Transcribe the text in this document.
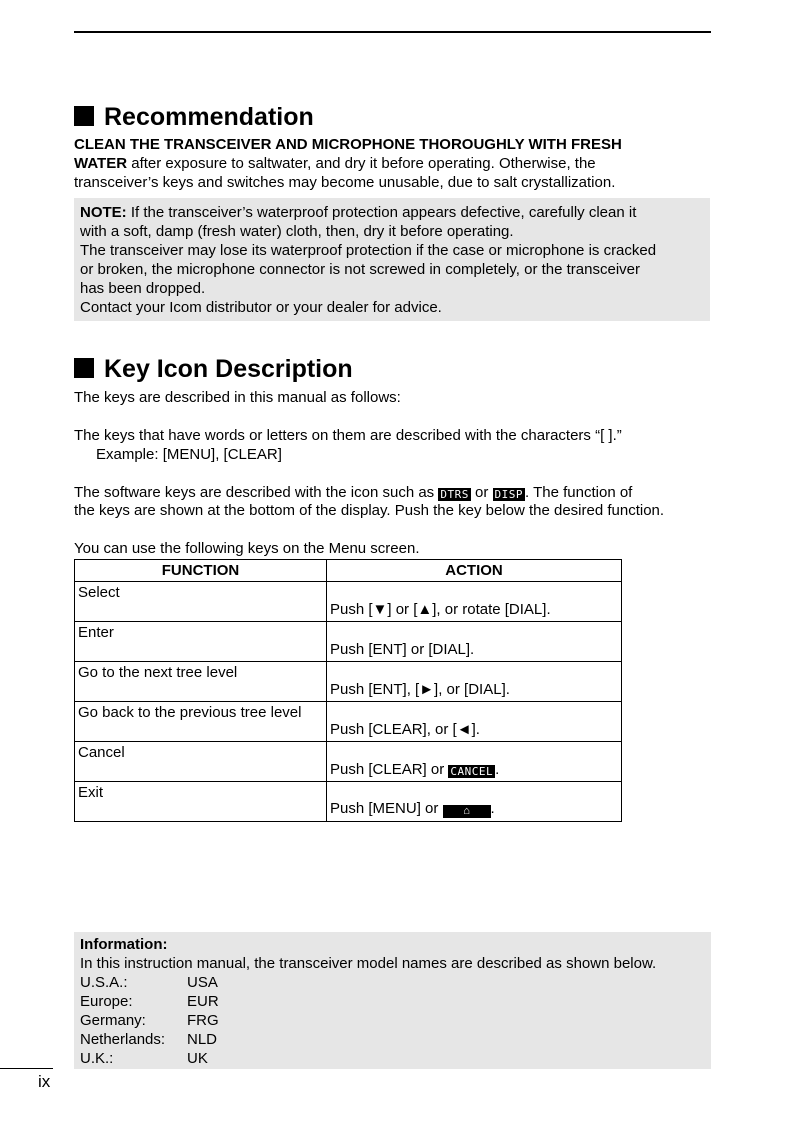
Recommendation
CLEAN THE TRANSCEIVER AND MICROPHONE THOROUGHLY WITH FRESH
WATER after exposure to saltwater, and dry it before operating. Otherwise, the
transceiver’s keys and switches may become unusable, due to salt crystallization.
NOTE: If the transceiver’s waterproof protection appears defective, carefully clean it
with a soft, damp (fresh water) cloth, then, dry it before operating.
The transceiver may lose its waterproof protection if the case or microphone is cracked
or broken, the microphone connector is not screwed in completely, or the transceiver
has been dropped.
Contact your Icom distributor or your dealer for advice.
Key Icon Description
The keys are described in this manual as follows:
The keys that have words or letters on them are described with the characters “[ ].”
Example: [MENU], [CLEAR]
The software keys are described with the icon such as DTRS or DISP . The function of
the keys are shown at the bottom of the display. Push the key below the desired function.
You can use the following keys on the Menu screen.
FUNCTION	ACTION
Select	Push [▼] or [▲], or rotate [DIAL].
Enter	Push [ENT] or [DIAL].
Go to the next tree level	Push [ENT], [►], or [DIAL].
Go back to the previous tree level	Push [CLEAR], or [◄].
Cancel	Push [CLEAR] or CANCEL .
Exit	Push [MENU] or ⌂ .
Information:
In this instruction manual, the transceiver model names are described as shown below.
U.S.A.:	USA
Europe:	EUR
Germany:	FRG
Netherlands: NLD
U.K.:	UK
ix
